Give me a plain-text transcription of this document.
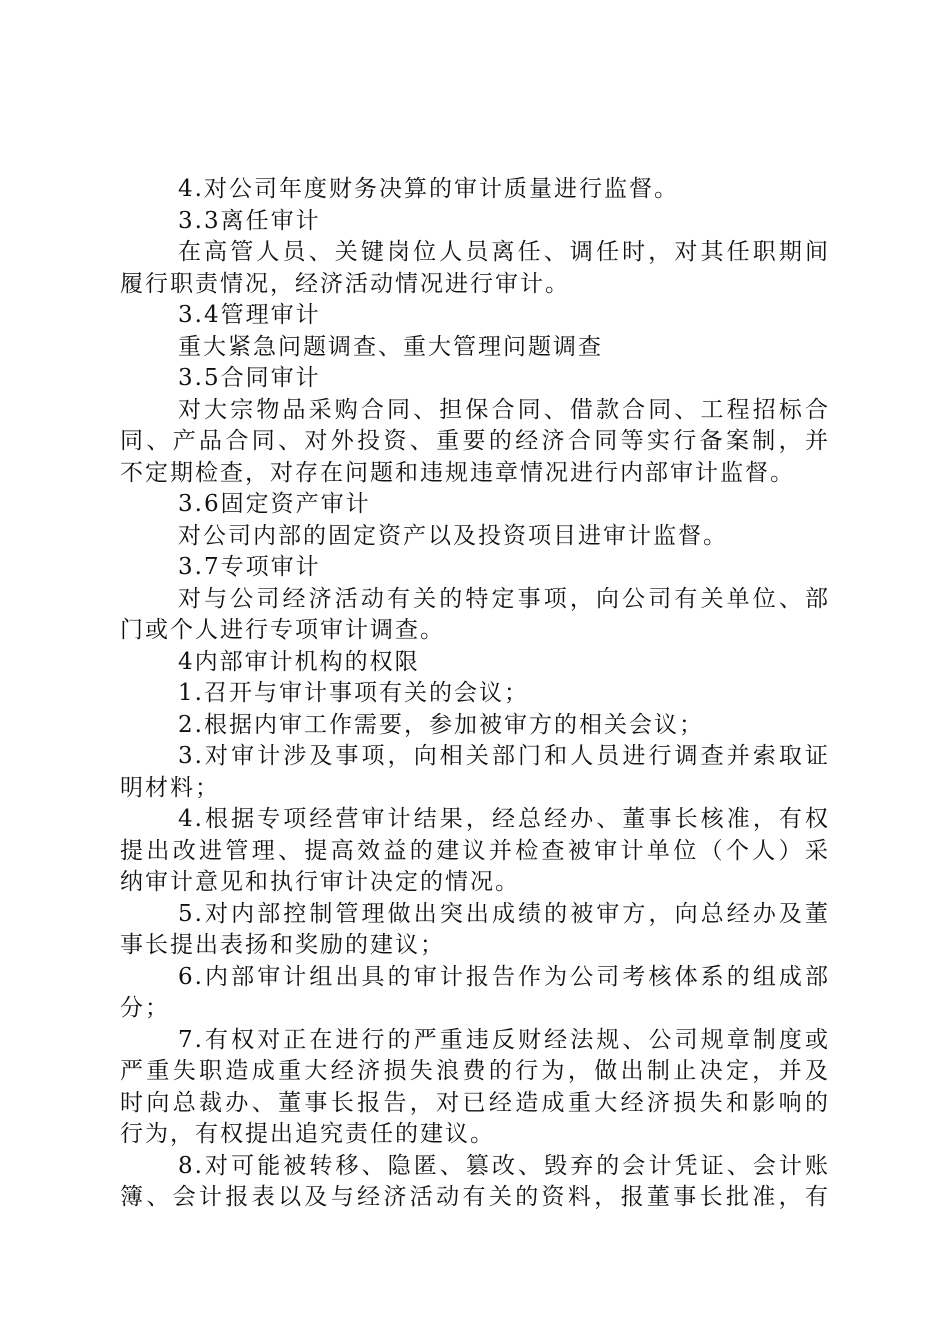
4.对公司年度财务决算的审计质量进行监督。
3.3离任审计
在高管人员、关键岗位人员离任、调任时，对其任职期间
履行职责情况，经济活动情况进行审计。
3.4管理审计
重大紧急问题调查、重大管理问题调查
3.5合同审计
对大宗物品采购合同、担保合同、借款合同、工程招标合
同、产品合同、对外投资、重要的经济合同等实行备案制，并
不定期检查，对存在问题和违规违章情况进行内部审计监督。
3.6固定资产审计
对公司内部的固定资产以及投资项目进审计监督。
3.7专项审计
对与公司经济活动有关的特定事项，向公司有关单位、部
门或个人进行专项审计调查。
4内部审计机构的权限
1.召开与审计事项有关的会议；
2.根据内审工作需要，参加被审方的相关会议；
3.对审计涉及事项，向相关部门和人员进行调查并索取证
明材料；
4.根据专项经营审计结果，经总经办、董事长核准，有权
提出改进管理、提高效益的建议并检查被审计单位（个人）采
纳审计意见和执行审计决定的情况。
5.对内部控制管理做出突出成绩的被审方，向总经办及董
事长提出表扬和奖励的建议；
6.内部审计组出具的审计报告作为公司考核体系的组成部
分；
7.有权对正在进行的严重违反财经法规、公司规章制度或
严重失职造成重大经济损失浪费的行为，做出制止决定，并及
时向总裁办、董事长报告，对已经造成重大经济损失和影响的
行为，有权提出追究责任的建议。
8.对可能被转移、隐匿、篡改、毁弃的会计凭证、会计账
簿、会计报表以及与经济活动有关的资料，报董事长批准，有
